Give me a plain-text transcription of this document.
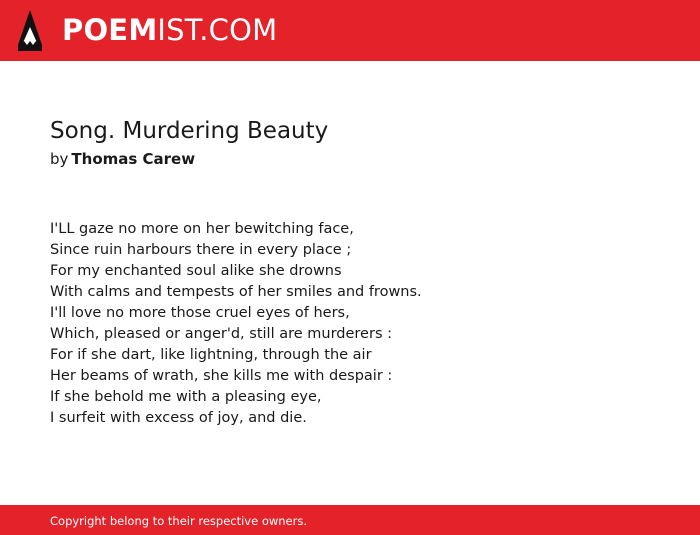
POEMIST.COM
Song. Murdering Beauty
by Thomas Carew
I'LL gaze no more on her bewitching face,
Since ruin harbours there in every place ;
For my enchanted soul alike she drowns
With calms and tempests of her smiles and frowns.
I'll love no more those cruel eyes of hers,
Which, pleased or anger'd, still are murderers :
For if she dart, like lightning, through the air
Her beams of wrath, she kills me with despair :
If she behold me with a pleasing eye,
I surfeit with excess of joy, and die.
Copyright belong to their respective owners.
